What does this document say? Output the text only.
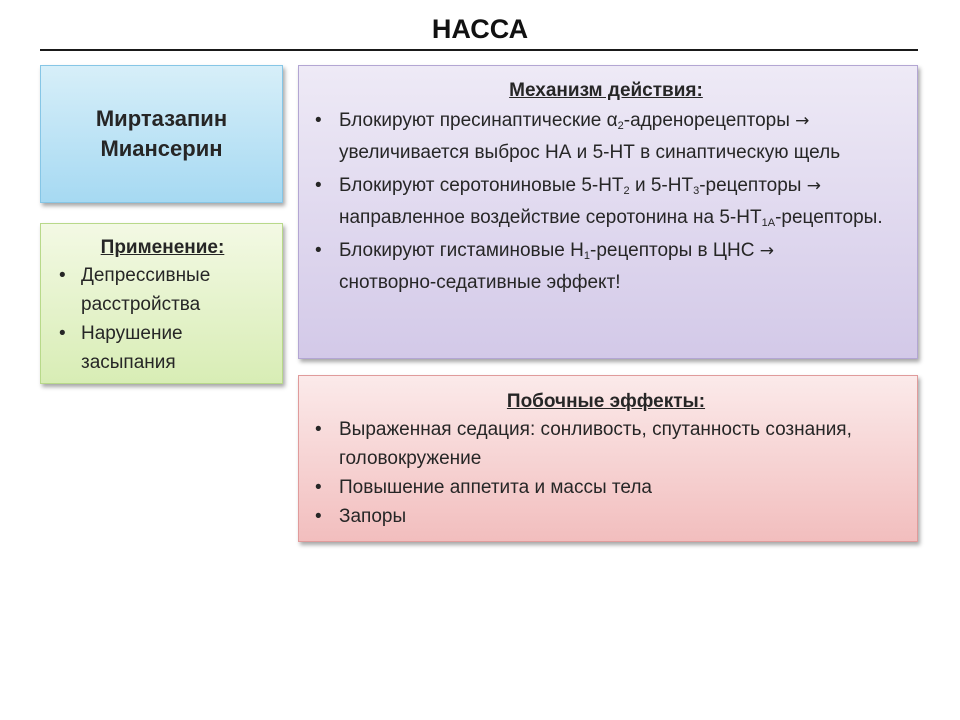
НАССА
Миртазапин
Миансерин
Применение:
• Депрессивные расстройства
• Нарушение засыпания
Механизм действия:
• Блокируют пресинаптические $\alpha_2$-адренорецепторы →
увеличивается выброс НА и 5-НТ в синаптическую щель
• Блокируют серотониновые $5-НТ_2$ и $5-НТ_3$-рецепторы →
направленное воздействие серотонина на $5-НТ_{1А}$-рецепторы.
• Блокируют гистаминовые $Н_1$-рецепторы в ЦНС →
снотворно-седативные эффект!
Побочные эффекты:
• Выраженная седация: сонливость, спутанность сознания, головокружение
• Повышение аппетита и массы тела
• Запоры
